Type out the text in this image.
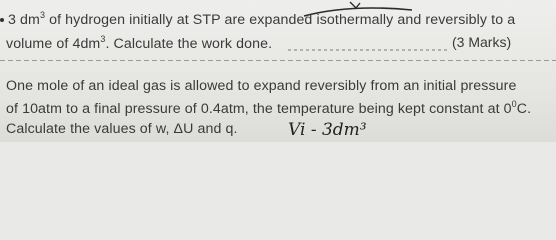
3 $dm^3$ of hydrogen initially at STP are expanded isothermally and reversibly to a
volume of $4dm^3$. Calculate the work done.	(3 Marks)
One mole of an ideal gas is allowed to expand reversibly from an initial pressure
of 10atm to a final pressure of 0.4atm, the temperature being kept constant at $0^0C$.
Calculate the values of w, ΔU and q.	Vi - 3dm³
